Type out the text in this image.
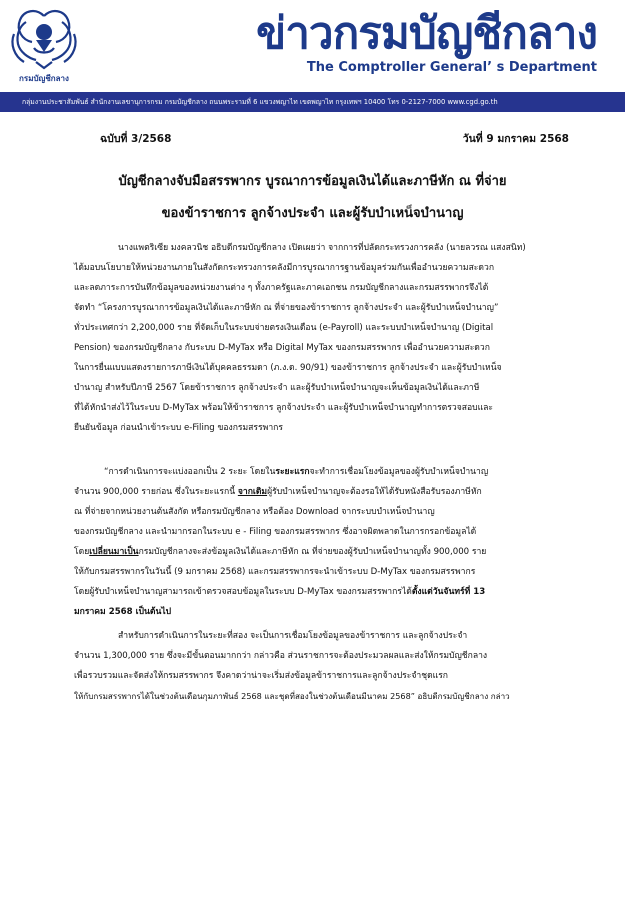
กรมบัญชีกลาง
ข่าวกรมบัญชีกลาง
The Comptroller General’ s Department
กลุ่มงานประชาสัมพันธ์ สำนักงานเลขานุการกรม กรมบัญชีกลาง ถนนพระรามที่ 6 แขวงพญาไท เขตพญาไท กรุงเทพฯ 10400 โทร 0-2127-7000 www.cgd.go.th
ฉบับที่ 3/2568	วันที่ 9 มกราคม 2568
บัญชีกลางจับมือสรรพากร บูรณาการข้อมูลเงินได้และภาษีหัก ณ ที่จ่าย
ของข้าราชการ ลูกจ้างประจำ และผู้รับบำเหน็จบำนาญ
นางแพตริเซีย มงคลวนิช อธิบดีกรมบัญชีกลาง เปิดเผยว่า จากการที่ปลัดกระทรวงการคลัง (นายลวรณ แสงสนิท)
ได้มอบนโยบายให้หน่วยงานภายในสังกัดกระทรวงการคลังมีการบูรณาการฐานข้อมูลร่วมกันเพื่ออำนวยความสะดวก
และลดภาระการบันทึกข้อมูลของหน่วยงานต่าง ๆ ทั้งภาครัฐและภาคเอกชน กรมบัญชีกลางและกรมสรรพากรจึงได้
จัดทำ “โครงการบูรณาการข้อมูลเงินได้และภาษีหัก ณ ที่จ่ายของข้าราชการ ลูกจ้างประจำ และผู้รับบำเหน็จบำนาญ”
ทั่วประเทศกว่า 2,200,000 ราย ที่จัดเก็บในระบบจ่ายตรงเงินเดือน (e-Payroll) และระบบบำเหน็จบำนาญ (Digital
Pension) ของกรมบัญชีกลาง กับระบบ D-MyTax หรือ Digital MyTax ของกรมสรรพากร เพื่ออำนวยความสะดวก
ในการยื่นแบบแสดงรายการภาษีเงินได้บุคคลธรรมดา (ภ.ง.ด. 90/91) ของข้าราชการ ลูกจ้างประจำ และผู้รับบำเหน็จ
บำนาญ สำหรับปีภาษี 2567 โดยข้าราชการ ลูกจ้างประจำ และผู้รับบำเหน็จบำนาญจะเห็นข้อมูลเงินได้และภาษี
ที่ได้หักนำส่งไว้ในระบบ D-MyTax พร้อมให้ข้าราชการ ลูกจ้างประจำ และผู้รับบำเหน็จบำนาญทำการตรวจสอบและ
ยืนยันข้อมูล ก่อนนำเข้าระบบ e-Filing ของกรมสรรพากร
“การดำเนินการจะแบ่งออกเป็น 2 ระยะ โดยในระยะแรกจะทำการเชื่อมโยงข้อมูลของผู้รับบำเหน็จบำนาญ
จำนวน 900,000 รายก่อน ซึ่งในระยะแรกนี้ จากเดิมผู้รับบำเหน็จบำนาญจะต้องรอให้ได้รับหนังสือรับรองภาษีหัก
ณ ที่จ่ายจากหน่วยงานต้นสังกัด หรือกรมบัญชีกลาง หรือต้อง Download จากระบบบำเหน็จบำนาญ
ของกรมบัญชีกลาง และนำมากรอกในระบบ e - Filing ของกรมสรรพากร ซึ่งอาจผิดพลาดในการกรอกข้อมูลได้
โดยเปลี่ยนมาเป็นกรมบัญชีกลางจะส่งข้อมูลเงินได้และภาษีหัก ณ ที่จ่ายของผู้รับบำเหน็จบำนาญทั้ง 900,000 ราย
ให้กับกรมสรรพากรในวันนี้ (9 มกราคม 2568) และกรมสรรพากรจะนำเข้าระบบ D-MyTax ของกรมสรรพากร
โดยผู้รับบำเหน็จบำนาญสามารถเข้าตรวจสอบข้อมูลในระบบ D-MyTax ของกรมสรรพากรได้ตั้งแต่วันจันทร์ที่ 13
มกราคม 2568 เป็นต้นไป
สำหรับการดำเนินการในระยะที่สอง จะเป็นการเชื่อมโยงข้อมูลของข้าราชการ และลูกจ้างประจำ
จำนวน 1,300,000 ราย ซึ่งจะมีขั้นตอนมากกว่า กล่าวคือ ส่วนราชการจะต้องประมวลผลและส่งให้กรมบัญชีกลาง
เพื่อรวบรวมและจัดส่งให้กรมสรรพากร จึงคาดว่าน่าจะเริ่มส่งข้อมูลข้าราชการและลูกจ้างประจำชุดแรก
ให้กับกรมสรรพากรได้ในช่วงต้นเดือนกุมภาพันธ์ 2568 และชุดที่สองในช่วงต้นเดือนมีนาคม 2568” อธิบดีกรมบัญชีกลาง กล่าว
